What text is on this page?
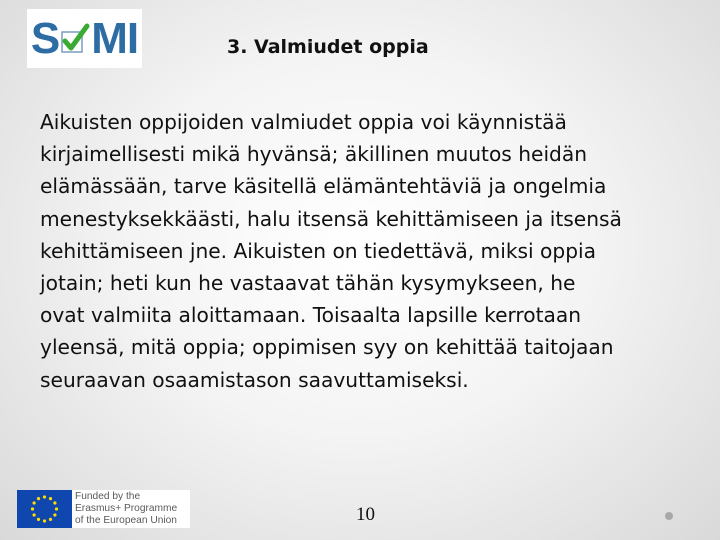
S MI	3. Valmiudet oppia
Aikuisten oppijoiden valmiudet oppia voi käynnistää
kirjaimellisesti mikä hyvänsä; äkillinen muutos heidän
elämässään, tarve käsitellä elämäntehtäviä ja ongelmia
menestyksekkäästi, halu itsensä kehittämiseen ja itsensä
kehittämiseen jne. Aikuisten on tiedettävä, miksi oppia
jotain; heti kun he vastaavat tähän kysymykseen, he
ovat valmiita aloittamaan. Toisaalta lapsille kerrotaan
yleensä, mitä oppia; oppimisen syy on kehittää taitojaan
seuraavan osaamistason saavuttamiseksi.
Funded by the
Erasmus+ Programme
of the European Union	10
